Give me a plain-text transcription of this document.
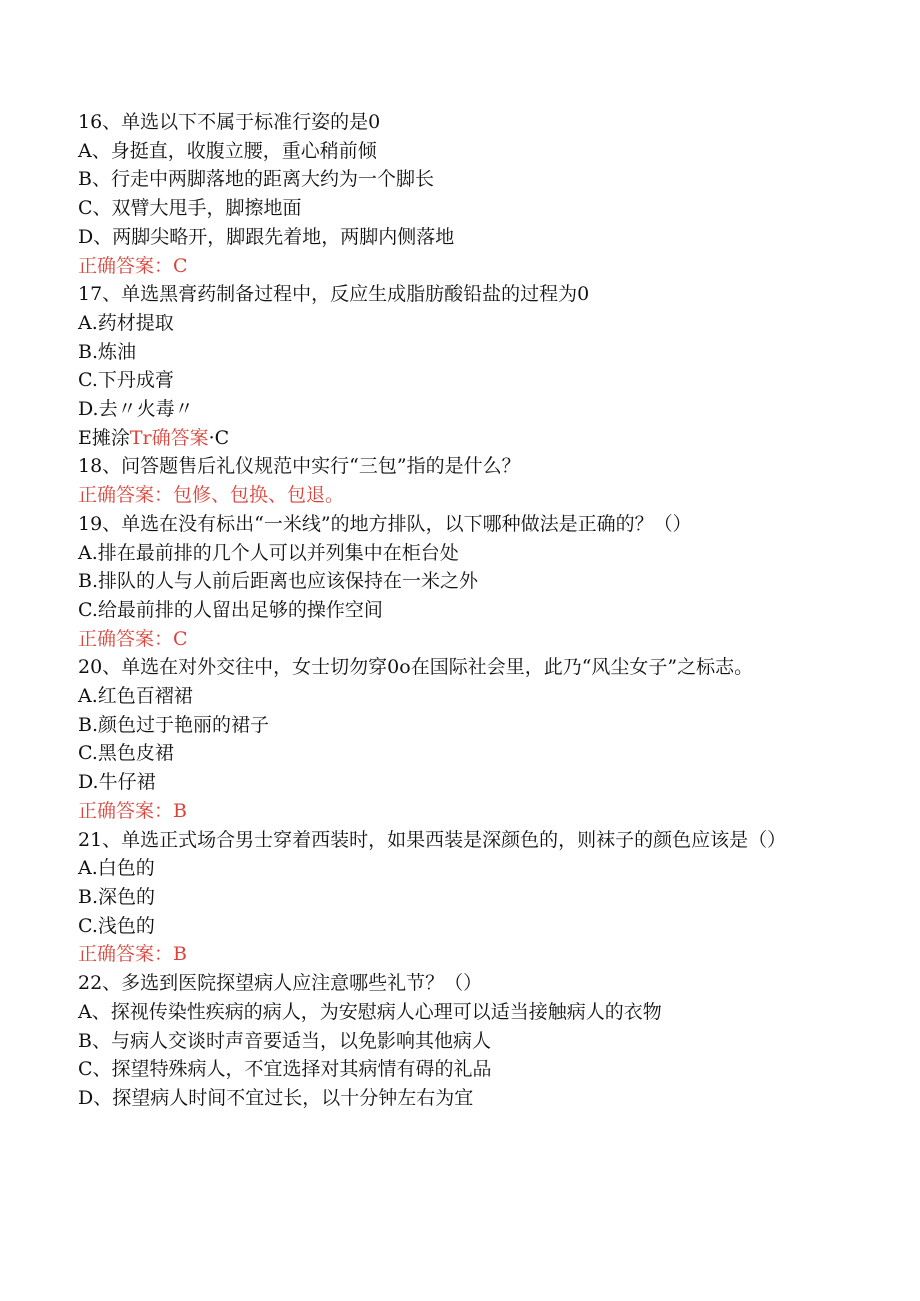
16、单选以下不属于标准行姿的是0

A、身挺直，收腹立腰，重心稍前倾

B、行走中两脚落地的距离大约为一个脚长

C、双臂大甩手，脚擦地面

D、两脚尖略开，脚跟先着地，两脚内侧落地

正确答案：C

17、单选黑膏药制备过程中，反应生成脂肪酸铅盐的过程为0

A.药材提取

B.炼油

C.下丹成膏

D.去〃火毒〃

E摊涂Tr确答案·C

18、问答题售后礼仪规范中实行“三包”指的是什么？

正确答案：包修、包换、包退。

19、单选在没有标出“一米线”的地方排队，以下哪种做法是正确的？（）

A.排在最前排的几个人可以并列集中在柜台处

B.排队的人与人前后距离也应该保持在一米之外

C.给最前排的人留出足够的操作空间

正确答案：C

20、单选在对外交往中，女士切勿穿0o在国际社会里，此乃“风尘女子”之标志。

A.红色百褶裙

B.颜色过于艳丽的裙子

C.黑色皮裙

D.牛仔裙

正确答案：B

21、单选正式场合男士穿着西装时，如果西装是深颜色的，则袜子的颜色应该是（）

A.白色的

B.深色的

C.浅色的

正确答案：B

22、多选到医院探望病人应注意哪些礼节？（）

A、探视传染性疾病的病人，为安慰病人心理可以适当接触病人的衣物

B、与病人交谈时声音要适当，以免影响其他病人

C、探望特殊病人，不宜选择对其病情有碍的礼品

D、探望病人时间不宜过长，以十分钟左右为宜
